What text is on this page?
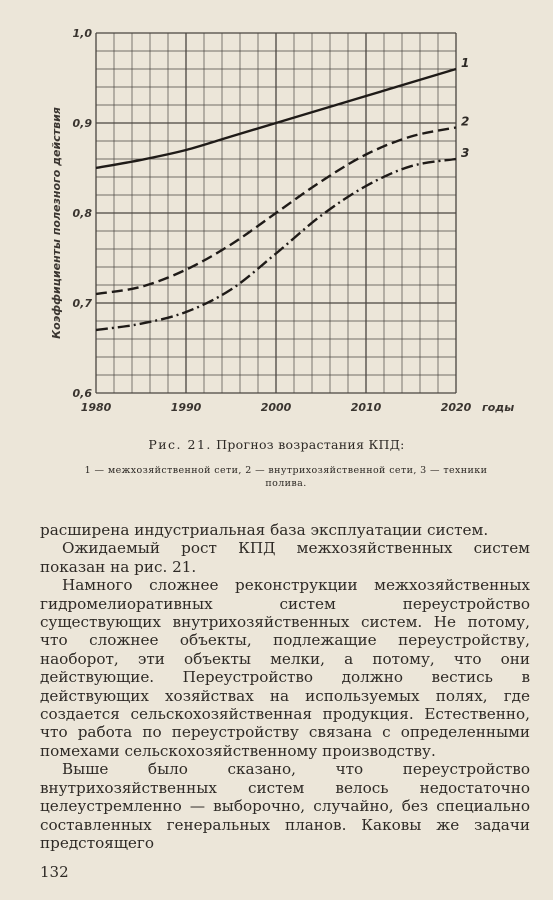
0,6
0,7
0,8
0,9
1,0
1980	1990	2000	2010	2020 годы
Коэффициенты полезного действия
1
2
3
Рис. 21. Прогноз возрастания КПД:
1 — межхозяйственной сети, 2 — внутрихозяйственной сети, 3 — техники полива.

расширена индустриальная база эксплуатации систем.

Ожидаемый рост КПД межхозяйственных систем показан на рис. 21.

Намного сложнее реконструкции межхозяйственных гидромелиоративных систем переустройство существующих внутрихозяйственных систем. Не потому, что сложнее объекты, подлежащие переустройству, наоборот, эти объекты мелки, а потому, что они действующие. Переустройство должно вестись в действующих хозяйствах на используемых полях, где создается сельскохозяйственная продукция. Естественно, что работа по переустройству связана с определенными помехами сельскохозяйственному производству.

Выше было сказано, что переустройство внутрихозяйственных систем велось недостаточно целеустремленно — выборочно, случайно, без специально составленных генеральных планов. Каковы же задачи предстоящего

132
